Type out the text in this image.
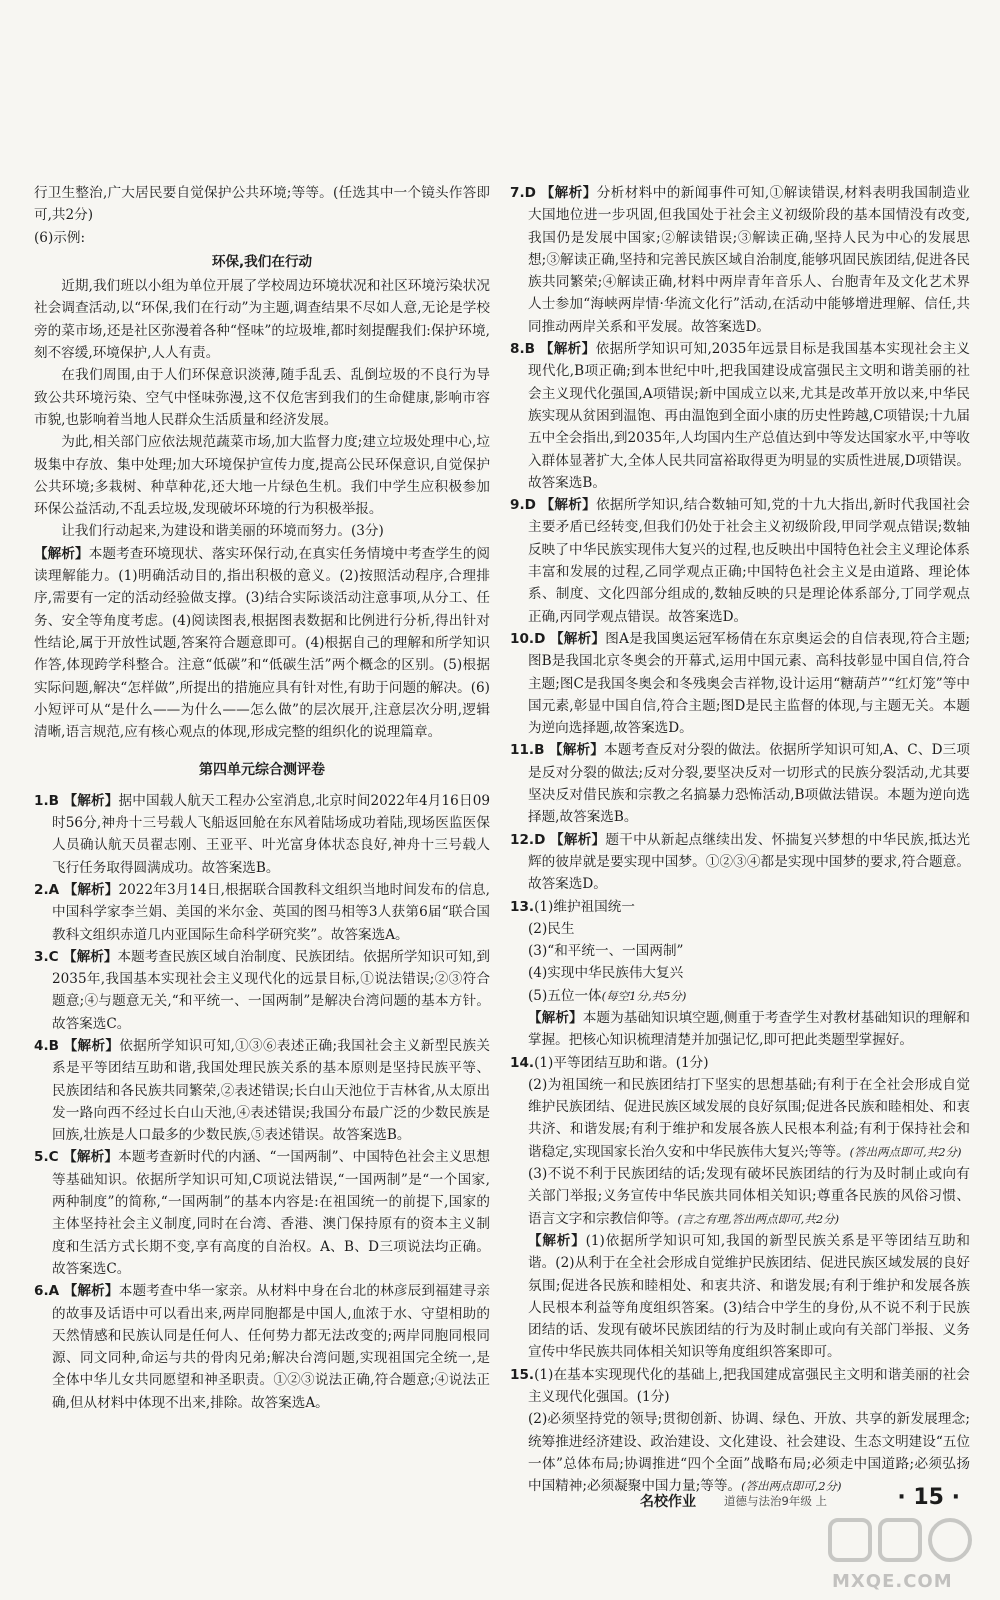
行卫生整治,广大居民要自觉保护公共环境;等等。(任选其中一个镜头作答即可,共2分)

(6)示例:

环保,我们在行动

近期,我们班以小组为单位开展了学校周边环境状况和社区环境污染状况社会调查活动,以“环保,我们在行动”为主题,调查结果不尽如人意,无论是学校旁的菜市场,还是社区弥漫着各种“怪味”的垃圾堆,都时刻提醒我们:保护环境,刻不容缓,环境保护,人人有责。

在我们周围,由于人们环保意识淡薄,随手乱丢、乱倒垃圾的不良行为导致公共环境污染、空气中怪味弥漫,这不仅危害到我们的生命健康,影响市容市貌,也影响着当地人民群众生活质量和经济发展。

为此,相关部门应依法规范蔬菜市场,加大监督力度;建立垃圾处理中心,垃圾集中存放、集中处理;加大环境保护宣传力度,提高公民环保意识,自觉保护公共环境;多栽树、种草种花,还大地一片绿色生机。我们中学生应积极参加环保公益活动,不乱丢垃圾,发现破坏环境的行为积极举报。

让我们行动起来,为建设和谐美丽的环境而努力。(3分)

【解析】本题考查环境现状、落实环保行动,在真实任务情境中考查学生的阅读理解能力。(1)明确活动目的,指出积极的意义。(2)按照活动程序,合理排序,需要有一定的活动经验做支撑。(3)结合实际谈活动注意事项,从分工、任务、安全等角度考虑。(4)阅读图表,根据图表数据和比例进行分析,得出针对性结论,属于开放性试题,答案符合题意即可。(4)根据自己的理解和所学知识作答,体现跨学科整合。注意“低碳”和“低碳生活”两个概念的区别。(5)根据实际问题,解决“怎样做”,所提出的措施应具有针对性,有助于问题的解决。(6)小短评可从“是什么——为什么——怎么做”的层次展开,注意层次分明,逻辑清晰,语言规范,应有核心观点的体现,形成完整的组织化的说理篇章。

第四单元综合测评卷

1.B 【解析】据中国载人航天工程办公室消息,北京时间2022年4月16日09时56分,神舟十三号载人飞船返回舱在东风着陆场成功着陆,现场医监医保人员确认航天员翟志刚、王亚平、叶光富身体状态良好,神舟十三号载人飞行任务取得圆满成功。故答案选B。

2.A 【解析】2022年3月14日,根据联合国教科文组织当地时间发布的信息,中国科学家李兰娟、美国的米尔金、英国的图马相等3人获第6届“联合国教科文组织赤道几内亚国际生命科学研究奖”。故答案选A。

3.C 【解析】本题考查民族区域自治制度、民族团结。依据所学知识可知,到2035年,我国基本实现社会主义现代化的远景目标,①说法错误;②③符合题意;④与题意无关,“和平统一、一国两制”是解决台湾问题的基本方针。故答案选C。

4.B 【解析】依据所学知识可知,①③⑥表述正确;我国社会主义新型民族关系是平等团结互助和谐,我国处理民族关系的基本原则是坚持民族平等、民族团结和各民族共同繁荣,②表述错误;长白山天池位于吉林省,从太原出发一路向西不经过长白山天池,④表述错误;我国分布最广泛的少数民族是回族,壮族是人口最多的少数民族,⑤表述错误。故答案选B。

5.C 【解析】本题考查新时代的内涵、“一国两制”、中国特色社会主义思想等基础知识。依据所学知识可知,C项说法错误,“一国两制”是“一个国家,两种制度”的简称,“一国两制”的基本内容是:在祖国统一的前提下,国家的主体坚持社会主义制度,同时在台湾、香港、澳门保持原有的资本主义制度和生活方式长期不变,享有高度的自治权。A、B、D三项说法均正确。故答案选C。

6.A 【解析】本题考查中华一家亲。从材料中身在台北的林彦辰到福建寻亲的故事及话语中可以看出来,两岸同胞都是中国人,血浓于水、守望相助的天然情感和民族认同是任何人、任何势力都无法改变的;两岸同胞同根同源、同文同种,命运与共的骨肉兄弟;解决台湾问题,实现祖国完全统一,是全体中华儿女共同愿望和神圣职责。①②③说法正确,符合题意;④说法正确,但从材料中体现不出来,排除。故答案选A。

7.D 【解析】分析材料中的新闻事件可知,①解读错误,材料表明我国制造业大国地位进一步巩固,但我国处于社会主义初级阶段的基本国情没有改变,我国仍是发展中国家;②解读错误;③解读正确,坚持人民为中心的发展思想;③解读正确,坚持和完善民族区域自治制度,能够巩固民族团结,促进各民族共同繁荣;④解读正确,材料中两岸青年音乐人、台胞青年及文化艺术界人士参加“海峡两岸情·华流文化行”活动,在活动中能够增进理解、信任,共同推动两岸关系和平发展。故答案选D。

8.B 【解析】依据所学知识可知,2035年远景目标是我国基本实现社会主义现代化,B项正确;到本世纪中叶,把我国建设成富强民主文明和谐美丽的社会主义现代化强国,A项错误;新中国成立以来,尤其是改革开放以来,中华民族实现从贫困到温饱、再由温饱到全面小康的历史性跨越,C项错误;十九届五中全会指出,到2035年,人均国内生产总值达到中等发达国家水平,中等收入群体显著扩大,全体人民共同富裕取得更为明显的实质性进展,D项错误。故答案选B。

9.D 【解析】依据所学知识,结合数轴可知,党的十九大指出,新时代我国社会主要矛盾已经转变,但我们仍处于社会主义初级阶段,甲同学观点错误;数轴反映了中华民族实现伟大复兴的过程,也反映出中国特色社会主义理论体系丰富和发展的过程,乙同学观点正确;中国特色社会主义是由道路、理论体系、制度、文化四部分组成的,数轴反映的只是理论体系部分,丁同学观点正确,丙同学观点错误。故答案选D。

10.D 【解析】图A是我国奥运冠军杨倩在东京奥运会的自信表现,符合主题;图B是我国北京冬奥会的开幕式,运用中国元素、高科技彰显中国自信,符合主题;图C是我国冬奥会和冬残奥会吉祥物,设计运用“糖葫芦”“红灯笼”等中国元素,彰显中国自信,符合主题;图D是民主监督的体现,与主题无关。本题为逆向选择题,故答案选D。

11.B 【解析】本题考查反对分裂的做法。依据所学知识可知,A、C、D三项是反对分裂的做法;反对分裂,要坚决反对一切形式的民族分裂活动,尤其要坚决反对借民族和宗教之名搞暴力恐怖活动,B项做法错误。本题为逆向选择题,故答案选B。

12.D 【解析】题干中从新起点继续出发、怀揣复兴梦想的中华民族,抵达光辉的彼岸就是要实现中国梦。①②③④都是实现中国梦的要求,符合题意。故答案选D。

13.(1)维护祖国统一

(2)民生

(3)“和平统一、一国两制”

(4)实现中华民族伟大复兴

(5)五位一体(每空1分,共5分)

【解析】本题为基础知识填空题,侧重于考查学生对教材基础知识的理解和掌握。把核心知识梳理清楚并加强记忆,即可把此类题型掌握好。

14.(1)平等团结互助和谐。(1分)

(2)为祖国统一和民族团结打下坚实的思想基础;有利于在全社会形成自觉维护民族团结、促进民族区域发展的良好氛围;促进各民族和睦相处、和衷共济、和谐发展;有利于维护和发展各族人民根本利益;有利于保持社会和谐稳定,实现国家长治久安和中华民族伟大复兴;等等。(答出两点即可,共2分)

(3)不说不利于民族团结的话;发现有破坏民族团结的行为及时制止或向有关部门举报;义务宣传中华民族共同体相关知识;尊重各民族的风俗习惯、语言文字和宗教信仰等。(言之有理,答出两点即可,共2分)

【解析】(1)依据所学知识可知,我国的新型民族关系是平等团结互助和谐。(2)从利于在全社会形成自觉维护民族团结、促进民族区域发展的良好氛围;促进各民族和睦相处、和衷共济、和谐发展;有利于维护和发展各族人民根本利益等角度组织答案。(3)结合中学生的身份,从不说不利于民族团结的话、发现有破坏民族团结的行为及时制止或向有关部门举报、义务宣传中华民族共同体相关知识等角度组织答案即可。

15.(1)在基本实现现代化的基础上,把我国建成富强民主文明和谐美丽的社会主义现代化强国。(1分)

(2)必须坚持党的领导;贯彻创新、协调、绿色、开放、共享的新发展理念;统筹推进经济建设、政治建设、文化建设、社会建设、生态文明建设“五位一体”总体布局;协调推进“四个全面”战略布局;必须走中国道路;必须弘扬中国精神;必须凝聚中国力量;等等。(答出两点即可,2分)

名校作业 道德与法治9年级 上	· 15 ·
MXQE.COM
